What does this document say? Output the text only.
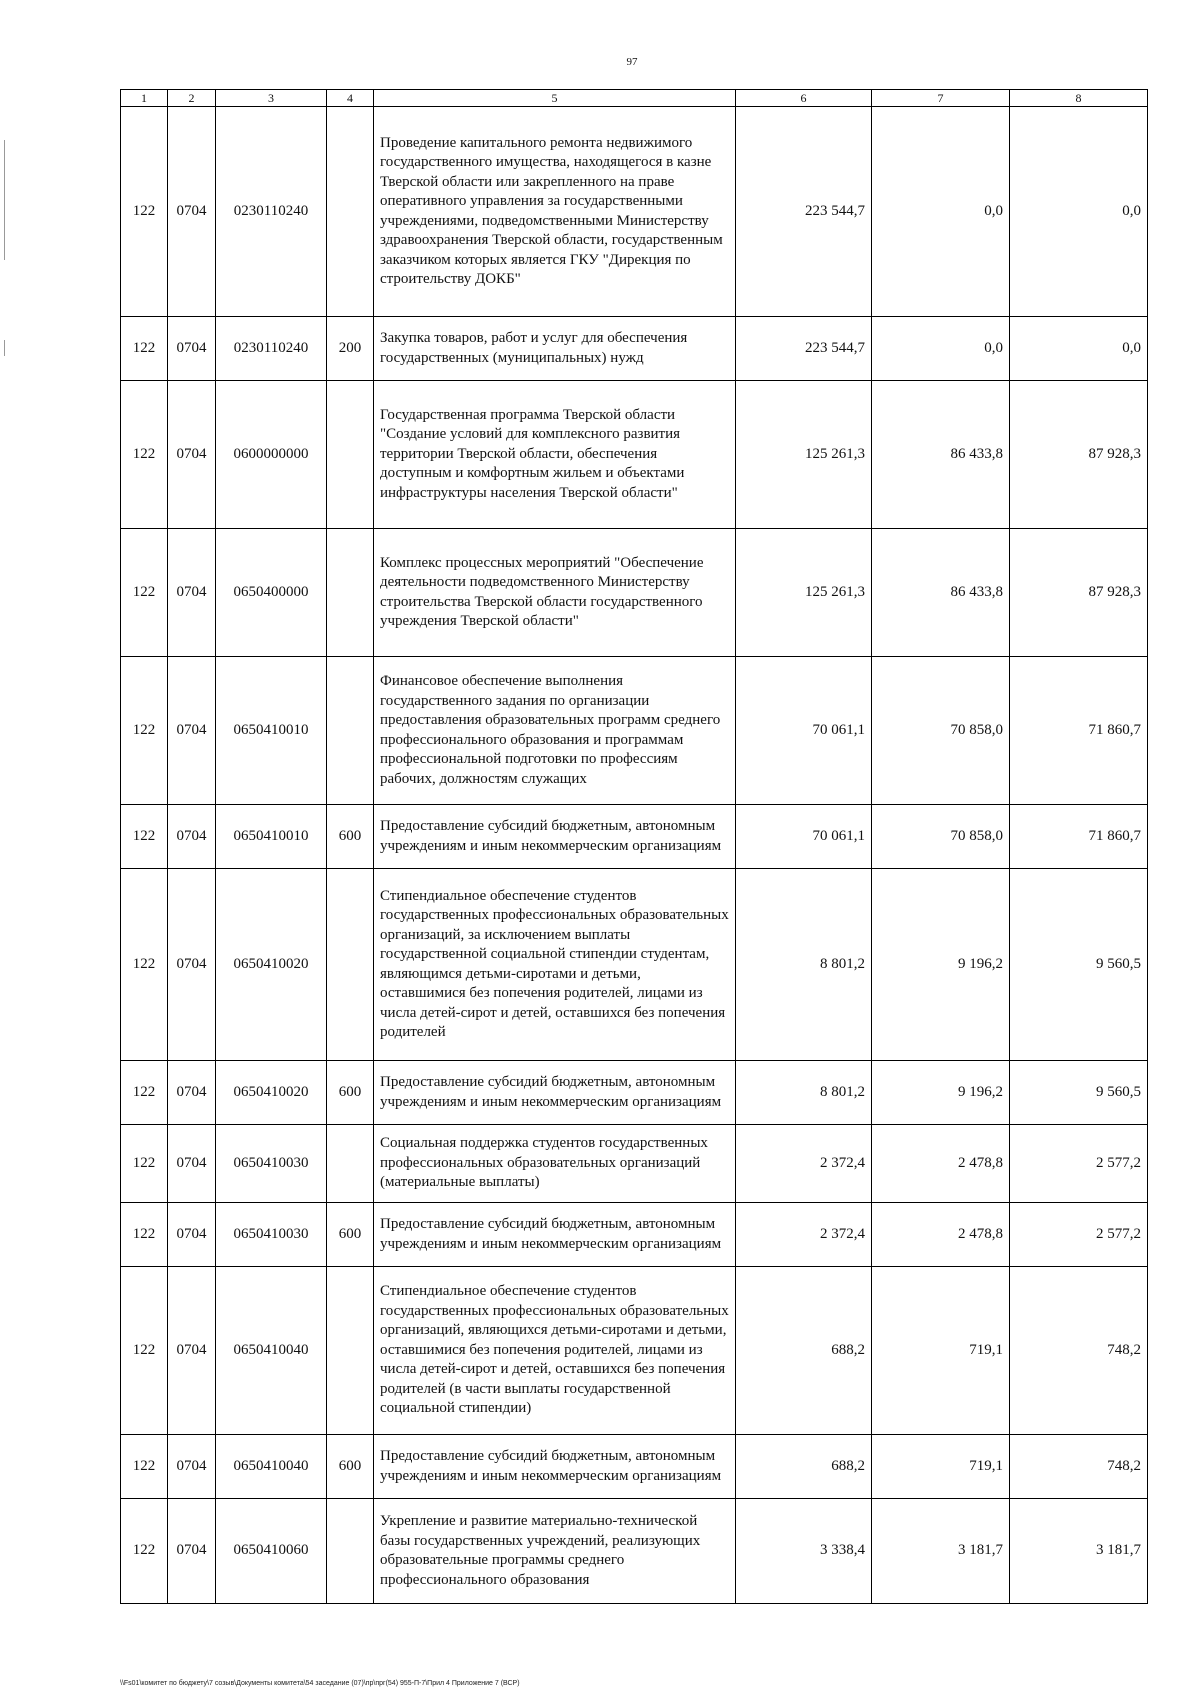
97
1	2	3	4	5	6	7	8
122	0704	0230110240		Проведение капитального ремонта недвижимого государственного имущества, находящегося в казне Тверской области или закрепленного на праве оперативного управления за государственными учреждениями, подведомственными Министерству здравоохранения Тверской области, государственным заказчиком которых является ГКУ "Дирекция по строительству ДОКБ"	223 544,7	0,0	0,0
122	0704	0230110240	200	Закупка товаров, работ и услуг для обеспечения государственных (муниципальных) нужд	223 544,7	0,0	0,0
122	0704	0600000000		Государственная программа Тверской области "Создание условий для комплексного развития территории Тверской области, обеспечения доступным и комфортным жильем и объектами инфраструктуры населения Тверской области"	125 261,3	86 433,8	87 928,3
122	0704	0650400000		Комплекс процессных мероприятий "Обеспечение деятельности подведомственного Министерству строительства Тверской области государственного учреждения Тверской области"	125 261,3	86 433,8	87 928,3
122	0704	0650410010		Финансовое обеспечение выполнения государственного задания по организации предоставления образовательных программ среднего профессионального образования и программам профессиональной подготовки по профессиям рабочих, должностям служащих	70 061,1	70 858,0	71 860,7
122	0704	0650410010	600	Предоставление субсидий бюджетным, автономным учреждениям и иным некоммерческим организациям	70 061,1	70 858,0	71 860,7
122	0704	0650410020		Стипендиальное обеспечение студентов государственных профессиональных образовательных организаций, за исключением выплаты государственной социальной стипендии студентам, являющимся детьми-сиротами и детьми, оставшимися без попечения родителей, лицами из числа детей-сирот и детей, оставшихся без попечения родителей	8 801,2	9 196,2	9 560,5
122	0704	0650410020	600	Предоставление субсидий бюджетным, автономным учреждениям и иным некоммерческим организациям	8 801,2	9 196,2	9 560,5
122	0704	0650410030		Социальная поддержка студентов государственных профессиональных образовательных организаций (материальные выплаты)	2 372,4	2 478,8	2 577,2
122	0704	0650410030	600	Предоставление субсидий бюджетным, автономным учреждениям и иным некоммерческим организациям	2 372,4	2 478,8	2 577,2
122	0704	0650410040		Стипендиальное обеспечение студентов государственных профессиональных образовательных организаций, являющихся детьми-сиротами и детьми, оставшимися без попечения родителей, лицами из числа детей-сирот и детей, оставшихся без попечения родителей (в части выплаты государственной социальной стипендии)	688,2	719,1	748,2
122	0704	0650410040	600	Предоставление субсидий бюджетным, автономным учреждениям и иным некоммерческим организациям	688,2	719,1	748,2
122	0704	0650410060		Укрепление и развитие материально-технической базы государственных учреждений, реализующих образовательные программы среднего профессионального образования	3 338,4	3 181,7	3 181,7
\\Fs01\комитет по бюджету\7 созыв\Документы комитета\54 заседание (07)\пр\прг(54) 955-П-7\Прил 4 Приложение 7 (ВСР)
